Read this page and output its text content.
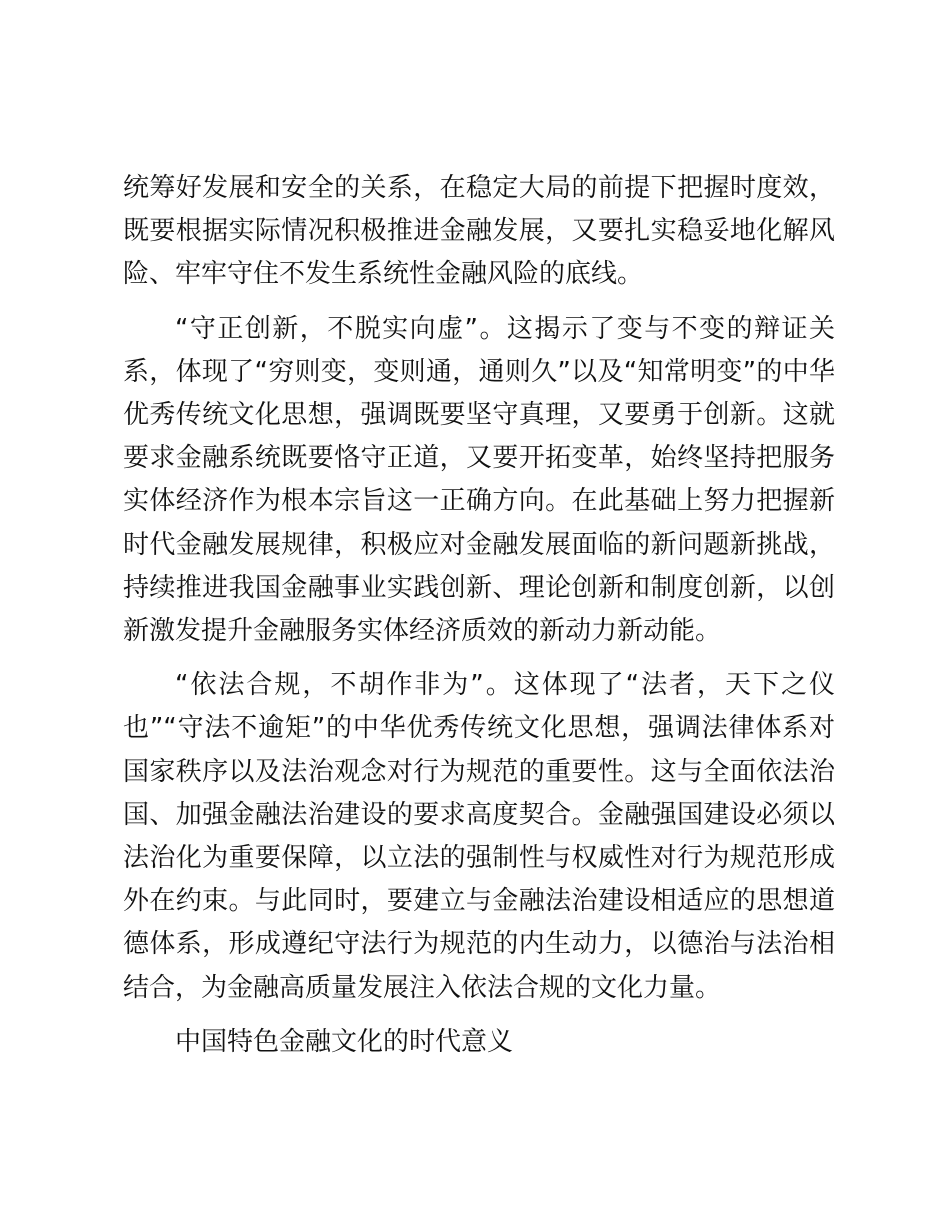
统筹好发展和安全的关系，在稳定大局的前提下把握时度效，既要根据实际情况积极推进金融发展，又要扎实稳妥地化解风险、牢牢守住不发生系统性金融风险的底线。

“守正创新，不脱实向虚”。这揭示了变与不变的辩证关系，体现了“穷则变，变则通，通则久”以及“知常明变”的中华优秀传统文化思想，强调既要坚守真理，又要勇于创新。这就要求金融系统既要恪守正道，又要开拓变革，始终坚持把服务实体经济作为根本宗旨这一正确方向。在此基础上努力把握新时代金融发展规律，积极应对金融发展面临的新问题新挑战，持续推进我国金融事业实践创新、理论创新和制度创新，以创新激发提升金融服务实体经济质效的新动力新动能。

“依法合规，不胡作非为”。这体现了“法者，天下之仪也”“守法不逾矩”的中华优秀传统文化思想，强调法律体系对国家秩序以及法治观念对行为规范的重要性。这与全面依法治国、加强金融法治建设的要求高度契合。金融强国建设必须以法治化为重要保障，以立法的强制性与权威性对行为规范形成外在约束。与此同时，要建立与金融法治建设相适应的思想道德体系，形成遵纪守法行为规范的内生动力，以德治与法治相结合，为金融高质量发展注入依法合规的文化力量。

中国特色金融文化的时代意义
